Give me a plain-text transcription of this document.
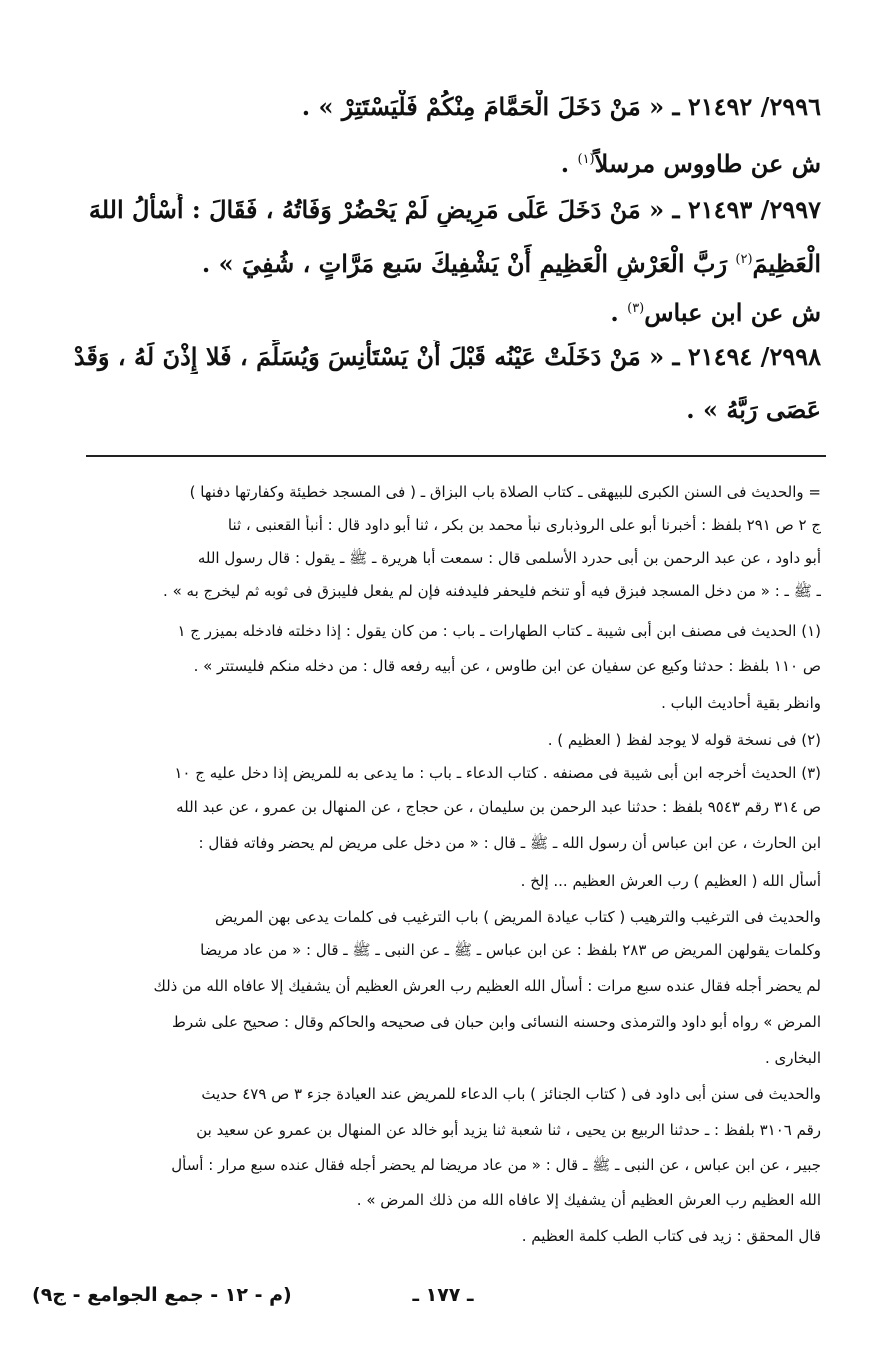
٢٩٩٦/ ٢١٤٩٢ ـ « مَنْ دَخَلَ الْحَمَّامَ مِنْكُمْ فَلْيَسْتَتِرْ » .
ش عن طاووس مرسلاً$^{(١)}$ .
٢٩٩٧/ ٢١٤٩٣ ـ « مَنْ دَخَلَ عَلَى مَرِيضٍ لَمْ يَحْضُرْ وَفَاتُهُ ، فَقَالَ : أَسْأَلُ اللهَ
الْعَظِيمَ$^{(٢)}$ رَبَّ الْعَرْشِ الْعَظِيمِ أَنْ يَشْفِيكَ سَبع مَرَّاتٍ ، شُفِيَ » .
ش عن ابن عباس$^{(٣)}$ .
٢٩٩٨/ ٢١٤٩٤ ـ « مَنْ دَخَلَتْ عَيْنُه قَبْلَ أَنْ يَسْتَأْنِسَ وَيُسَلِّمَ ، فَلا إِذْنَ لَهُ ، وَقَدْ
عَصَى رَبَّهُ » .
= والحديث فى السنن الكبرى للبيهقى ـ كتاب الصلاة باب البزاق ـ ( فى المسجد خطيئة وكفارتها دفنها )
ج ٢ ص ٢٩١ بلفظ : أخبرنا أبو على الروذبارى نبأ محمد بن بكر ، ثنا أبو داود قال : أنبأ القعنبى ، ثنا
أبو داود ، عن عبد الرحمن بن أبى حدرد الأسلمى قال : سمعت أبا هريرة ـ ﷺ ـ يقول : قال رسول الله
ـ ﷺ ـ : « من دخل المسجد فبزق فيه أو تنخم فليحفر فليدفنه فإن لم يفعل فليبزق فى ثوبه ثم ليخرج به » .
(١) الحديث فى مصنف ابن أبى شيبة ـ كتاب الطهارات ـ باب : من كان يقول : إذا دخلته فادخله بميزر ج ١
ص ١١٠ بلفظ : حدثنا وكيع عن سفيان عن ابن طاوس ، عن أبيه رفعه قال : من دخله منكم فليستتر » .
وانظر بقية أحاديث الباب .
(٢) فى نسخة قوله لا يوجد لفظ ( العظيم ) .
(٣) الحديث أخرجه ابن أبى شيبة فى مصنفه . كتاب الدعاء ـ باب : ما يدعى به للمريض إذا دخل عليه ج ١٠
ص ٣١٤ رقم ٩٥٤٣ بلفظ : حدثنا عبد الرحمن بن سليمان ، عن حجاج ، عن المنهال بن عمرو ، عن عبد الله
ابن الحارث ، عن ابن عباس أن رسول الله ـ ﷺ ـ قال : « من دخل على مريض لم يحضر وفاته فقال :
أسأل الله ( العظيم ) رب العرش العظيم ... إلخ .
والحديث فى الترغيب والترهيب ( كتاب عيادة المريض ) باب الترغيب فى كلمات يدعى بهن المريض
وكلمات يقولهن المريض ص ٢٨٣ بلفظ : عن ابن عباس ـ ﷺ ـ عن النبى ـ ﷺ ـ قال : « من عاد مريضا
لم يحضر أجله فقال عنده سبع مرات : أسأل الله العظيم رب العرش العظيم أن يشفيك إلا عافاه الله من ذلك
المرض » رواه أبو داود والترمذى وحسنه النسائى وابن حبان فى صحيحه والحاكم وقال : صحيح على شرط
البخارى .
والحديث فى سنن أبى داود فى ( كتاب الجنائز ) باب الدعاء للمريض عند العيادة جزء ٣ ص ٤٧٩ حديث
رقم ٣١٠٦ بلفظ : ـ حدثنا الربيع بن يحيى ، ثنا شعبة ثنا يزيد أبو خالد عن المنهال بن عمرو عن سعيد بن
جبير ، عن ابن عباس ، عن النبى ـ ﷺ ـ قال : « من عاد مريضا لم يحضر أجله فقال عنده سبع مرار : أسأل
الله العظيم رب العرش العظيم أن يشفيك إلا عافاه الله من ذلك المرض » .
قال المحقق : زيد فى كتاب الطب كلمة العظيم .
ـ ١٧٧ ـ
(م - ١٢ - جمع الجوامع - ج٩)
